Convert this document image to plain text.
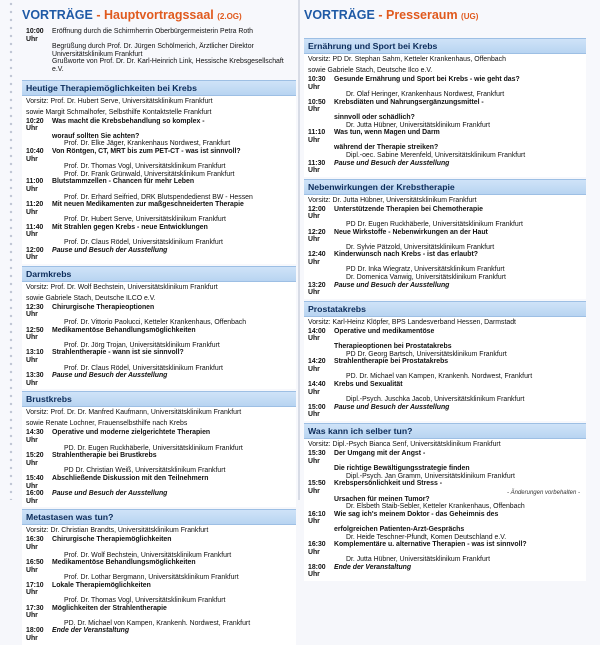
VORTRÄGE - Hauptvortragssaal (2.OG)
10:00 Uhr
Eröffnung durch die Schirmherrin Oberbürgermeisterin Petra Roth
Begrüßung durch Prof. Dr. Jürgen Schölmerich, Ärztlicher Direktor Universitätsklinikum Frankfurt
Grußworte von Prof. Dr. Dr. Karl-Heinrich Link, Hessische Krebsgesellschaft e.V.
Heutige Therapiemöglichkeiten bei Krebs
Vorsitz: Prof. Dr. Hubert Serve, Universitätsklinikum Frankfurt
sowie Margit Schmalhofer, Selbsthilfe Kontaktstelle Frankfurt
10:20 Uhr
Was macht die Krebsbehandlung so komplex -
worauf sollten Sie achten?
Prof. Dr. Elke Jäger, Krankenhaus Nordwest, Frankfurt
10:40 Uhr
Von Röntgen, CT, MRT bis zum PET-CT - was ist sinnvoll?
Prof. Dr. Thomas Vogl, Universitätsklinikum Frankfurt
Prof. Dr. Frank Grünwald, Universitätsklinikum Frankfurt
11:00 Uhr
Blutstammzellen - Chancen für mehr Leben
Prof. Dr. Erhard Seifried, DRK Blutspendedienst BW - Hessen
11:20 Uhr
Mit neuen Medikamenten zur maßgeschneiderten Therapie
Prof. Dr. Hubert Serve, Universitätsklinikum Frankfurt
11:40 Uhr
Mit Strahlen gegen Krebs - neue Entwicklungen
Prof. Dr. Claus Rödel, Universitätsklinikum Frankfurt
12:00 Uhr
Pause und Besuch der Ausstellung
Darmkrebs
Vorsitz: Prof. Dr. Wolf Bechstein, Universitätsklinikum Frankfurt
sowie Gabriele Stach, Deutsche ILCO e.V.
12:30 Uhr
Chirurgische Therapieoptionen
Prof. Dr. Vittorio Paolucci, Ketteler Krankenhaus, Offenbach
12:50 Uhr
Medikamentöse Behandlungsmöglichkeiten
Prof. Dr. Jörg Trojan, Universitätsklinikum Frankfurt
13:10 Uhr
Strahlentherapie - wann ist sie sinnvoll?
Prof. Dr. Claus Rödel, Universitätsklinikum Frankfurt
13:30 Uhr
Pause und Besuch der Ausstellung
Brustkrebs
Vorsitz: Prof. Dr. Dr. Manfred Kaufmann, Universitätsklinikum Frankfurt
sowie Renate Lochner, Frauenselbsthilfe nach Krebs
14:30 Uhr
Operative und moderne zielgerichtete Therapien
PD. Dr. Eugen Ruckhäberle, Universitätsklinikum Frankfurt
15:20 Uhr
Strahlentherapie bei Brustkrebs
PD Dr. Christian Weiß, Universitätsklinikum Frankfurt
15:40 Uhr
Abschließende Diskussion mit den Teilnehmern
16:00 Uhr
Pause und Besuch der Ausstellung
Metastasen was tun?
Vorsitz: Dr. Christian Brandts, Universitätsklinikum Frankfurt
16:30 Uhr
Chirurgische Therapiemöglichkeiten
Prof. Dr. Wolf Bechstein, Universitätsklinikum Frankfurt
16:50 Uhr
Medikamentöse Behandlungsmöglichkeiten
Prof. Dr. Lothar Bergmann, Universitätsklinikum Frankfurt
17:10 Uhr
Lokale Therapiemöglichkeiten
Prof. Dr. Thomas Vogl, Universitätsklinikum Frankfurt
17:30 Uhr
Möglichkeiten der Strahlentherapie
PD. Dr. Michael von Kampen, Krankenh. Nordwest, Frankfurt
18:00 Uhr
Ende der Veranstaltung
VORTRÄGE - Presseraum (UG)
Ernährung und Sport bei Krebs
Vorsitz: PD Dr. Stephan Sahm, Ketteler Krankenhaus, Offenbach
sowie Gabriele Stach, Deutsche Ilco e.V.
10:30 Uhr
Gesunde Ernährung und Sport bei Krebs - wie geht das?
Dr. Olaf Heringer, Krankenhaus Nordwest, Frankfurt
10:50 Uhr
Krebsdiäten und Nahrungsergänzungsmittel -
sinnvoll oder schädlich?
Dr. Jutta Hübner, Universitätsklinikum Frankfurt
11:10 Uhr
Was tun, wenn Magen und Darm
während der Therapie streiken?
Dipl.-oec. Sabine Merenfeld, Universitätsklinikum Frankfurt
11:30 Uhr
Pause und Besuch der Ausstellung
Nebenwirkungen der Krebstherapie
Vorsitz: Dr. Jutta Hübner, Universitätsklinikum Frankfurt
12:00 Uhr
Unterstützende Therapien bei Chemotherapie
PD Dr. Eugen Ruckhäberle, Universitätsklinikum Frankfurt
12:20 Uhr
Neue Wirkstoffe - Nebenwirkungen an der Haut
Dr. Sylvie Pätzold, Universitätsklinikum Frankfurt
12:40 Uhr
Kinderwunsch nach Krebs - ist das erlaubt?
PD Dr. Inka Wiegratz, Universitätsklinikum Frankfurt
Dr. Domenica Vanwig, Universitätsklinikum Frankfurt
13:20 Uhr
Pause und Besuch der Ausstellung
Prostatakrebs
Vorsitz: Karl-Heinz Klöpfer, BPS Landesverband Hessen, Darmstadt
14:00 Uhr
Operative und medikamentöse
Therapieoptionen bei Prostatakrebs
PD Dr. Georg Bartsch, Universitätsklinikum Frankfurt
14:20 Uhr
Strahlentherapie bei Prostatakrebs
PD. Dr. Michael van Kampen, Krankenh. Nordwest, Frankfurt
14:40 Uhr
Krebs und Sexualität
Dipl.-Psych. Juschka Jacob, Universitätsklinikum Frankfurt
15:00 Uhr
Pause und Besuch der Ausstellung
Was kann ich selber tun?
Vorsitz: Dipl.-Psych Bianca Senf, Universitätsklinikum Frankfurt
15:30 Uhr
Der Umgang mit der Angst -
Die richtige Bewältigungsstrategie finden
Dipl.-Psych. Jan Gramm, Universitätsklinikum Frankfurt
15:50 Uhr
Krebspersönlichkeit und Stress -
Ursachen für meinen Tumor?
Dr. Elsbeth Staib-Sebler, Ketteler Krankenhaus, Offenbach
16:10 Uhr
Wie sag ich's meinem Doktor - das Geheimnis des
erfolgreichen Patienten-Arzt-Gesprächs
Dr. Heide Teschner-Pfundt, Komen Deutschland e.V.
16:30 Uhr
Komplementäre u. alternative Therapien - was ist sinnvoll?
Dr. Jutta Hübner, Universitätsklinikum Frankfurt
18:00 Uhr
Ende der Veranstaltung
- Änderungen vorbehalten -
